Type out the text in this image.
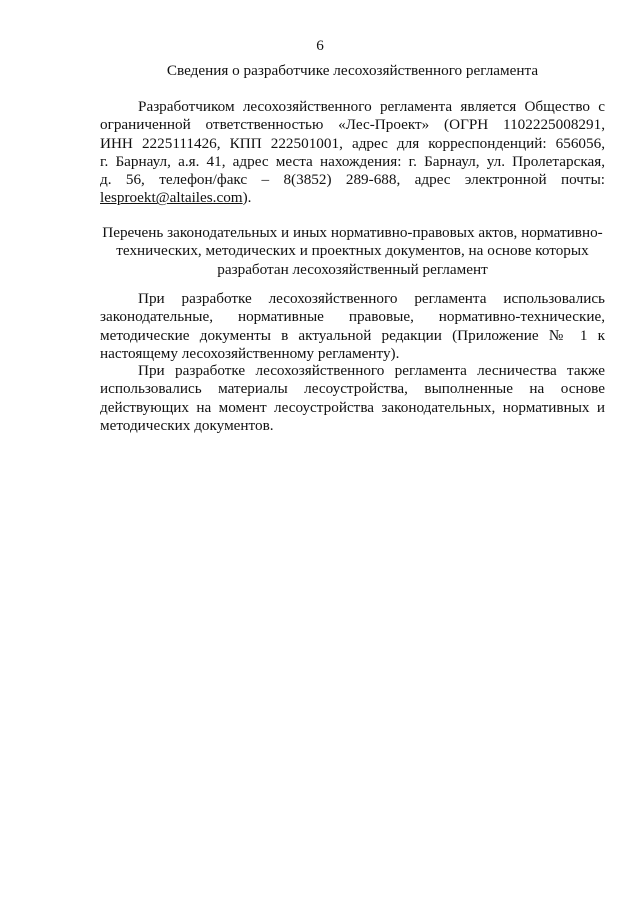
6
Сведения о разработчике лесохозяйственного регламента
Разработчиком лесохозяйственного регламента является Общество с
ограниченной ответственностью «Лес-Проект» (ОГРН 1102225008291,
ИНН 2225111426, КПП 222501001, адрес для корреспонденций: 656056,
г. Барнаул, а.я. 41, адрес места нахождения: г. Барнаул, ул. Пролетарская,
д. 56, телефон/факс – 8(3852) 289-688, адрес электронной почты:
lesproekt@altailes.com).
Перечень законодательных и иных нормативно-правовых актов, нормативно-
технических, методических и проектных документов, на основе которых
разработан лесохозяйственный регламент
При разработке лесохозяйственного регламента использовались
законодательные, нормативные правовые, нормативно-технические,
методические документы в актуальной редакции (Приложение № 1 к
настоящему лесохозяйственному регламенту).
При разработке лесохозяйственного регламента лесничества также
использовались материалы лесоустройства, выполненные на основе
действующих на момент лесоустройства законодательных, нормативных и
методических документов.
